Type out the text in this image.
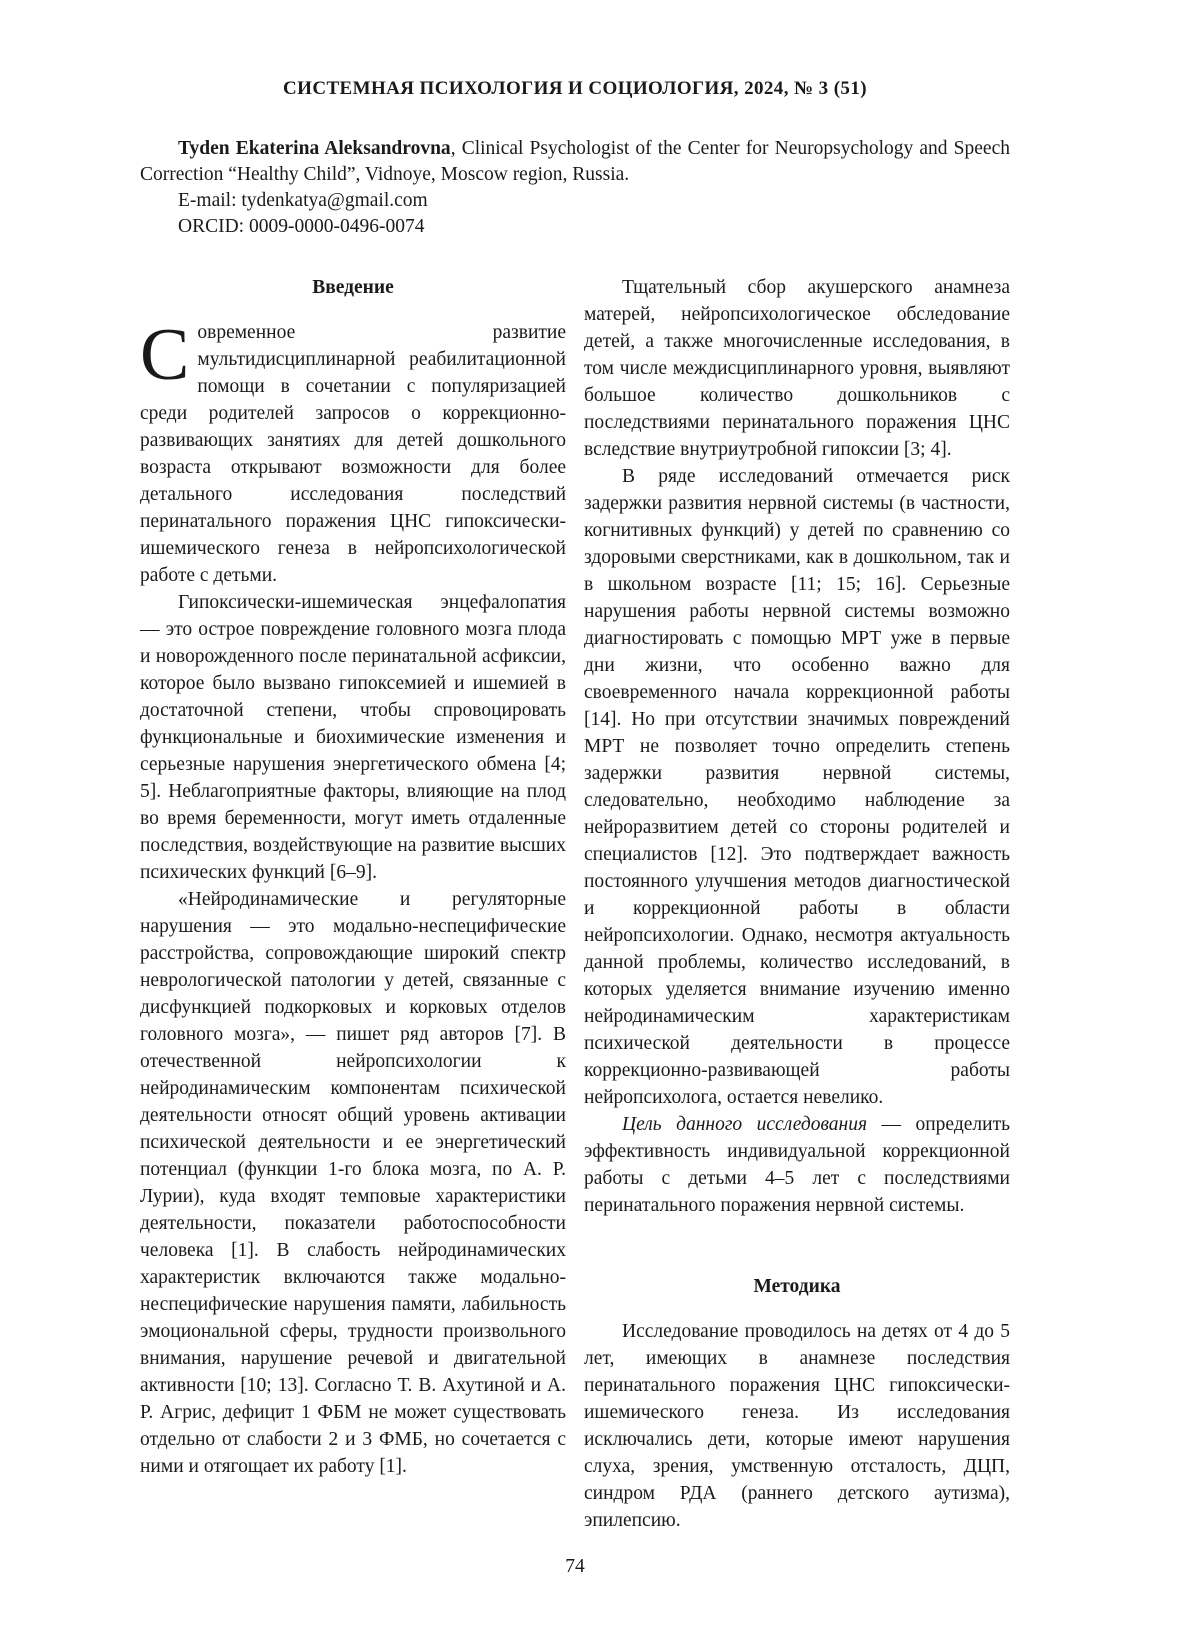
СИСТЕМНАЯ ПСИХОЛОГИЯ И СОЦИОЛОГИЯ, 2024, № 3 (51)

Tyden Ekaterina Aleksandrovna, Clinical Psychologist of the Center for Neuropsychology and Speech Correction “Healthy Child”, Vidnoye, Moscow region, Russia.

E-mail: tydenkatya@gmail.com

ORCID: 0009-0000-0496-0074

Введение

Современное развитие мультидисциплинарной реабилитационной помощи в сочетании с популяризацией среди родителей запросов о коррекционно-развивающих занятиях для детей дошкольного возраста открывают возможности для более детального исследования последствий перинатального поражения ЦНС гипоксически-ишемического генеза в нейропсихологической работе с детьми.

Гипоксически-ишемическая энцефалопатия — это острое повреждение головного мозга плода и новорожденного после перинатальной асфиксии, которое было вызвано гипоксемией и ишемией в достаточной степени, чтобы спровоцировать функциональные и биохимические изменения и серьезные нарушения энергетического обмена [4; 5]. Неблагоприятные факторы, влияющие на плод во время беременности, могут иметь отдаленные последствия, воздействующие на развитие высших психических функций [6–9].

«Нейродинамические и регуляторные нарушения — это модально-неспецифические расстройства, сопровождающие широкий спектр неврологической патологии у детей, связанные с дисфункцией подкорковых и корковых отделов головного мозга», — пишет ряд авторов [7]. В отечественной нейропсихологии к нейродинамическим компонентам психической деятельности относят общий уровень активации психической деятельности и ее энергетический потенциал (функции 1-го блока мозга, по А. Р. Лурии), куда входят темповые характеристики деятельности, показатели работоспособности человека [1]. В слабость нейродинамических характеристик включаются также модально-неспецифические нарушения памяти, лабильность эмоциональной сферы, трудности произвольного внимания, нарушение речевой и двигательной активности [10; 13]. Согласно Т. В. Ахутиной и А. Р. Агрис, дефицит 1 ФБМ не может существовать отдельно от слабости 2 и 3 ФМБ, но сочетается с ними и отягощает их работу [1].

Тщательный сбор акушерского анамнеза матерей, нейропсихологическое обследование детей, а также многочисленные исследования, в том числе междисциплинарного уровня, выявляют большое количество дошкольников с последствиями перинатального поражения ЦНС вследствие внутриутробной гипоксии [3; 4].

В ряде исследований отмечается риск задержки развития нервной системы (в частности, когнитивных функций) у детей по сравнению со здоровыми сверстниками, как в дошкольном, так и в школьном возрасте [11; 15; 16]. Серьезные нарушения работы нервной системы возможно диагностировать с помощью МРТ уже в первые дни жизни, что особенно важно для своевременного начала коррекционной работы [14]. Но при отсутствии значимых повреждений МРТ не позволяет точно определить степень задержки развития нервной системы, следовательно, необходимо наблюдение за нейроразвитием детей со стороны родителей и специалистов [12]. Это подтверждает важность постоянного улучшения методов диагностической и коррекционной работы в области нейропсихологии. Однако, несмотря актуальность данной проблемы, количество исследований, в которых уделяется внимание изучению именно нейродинамическим характеристикам психической деятельности в процессе коррекционно-развивающей работы нейропсихолога, остается невелико.

Цель данного исследования — определить эффективность индивидуальной коррекционной работы с детьми 4–5 лет с последствиями перинатального поражения нервной системы.

Методика

Исследование проводилось на детях от 4 до 5 лет, имеющих в анамнезе последствия перинатального поражения ЦНС гипоксически-ишемического генеза. Из исследования исключались дети, которые имеют нарушения слуха, зрения, умственную отсталость, ДЦП, синдром РДА (раннего детского аутизма), эпилепсию.

74
